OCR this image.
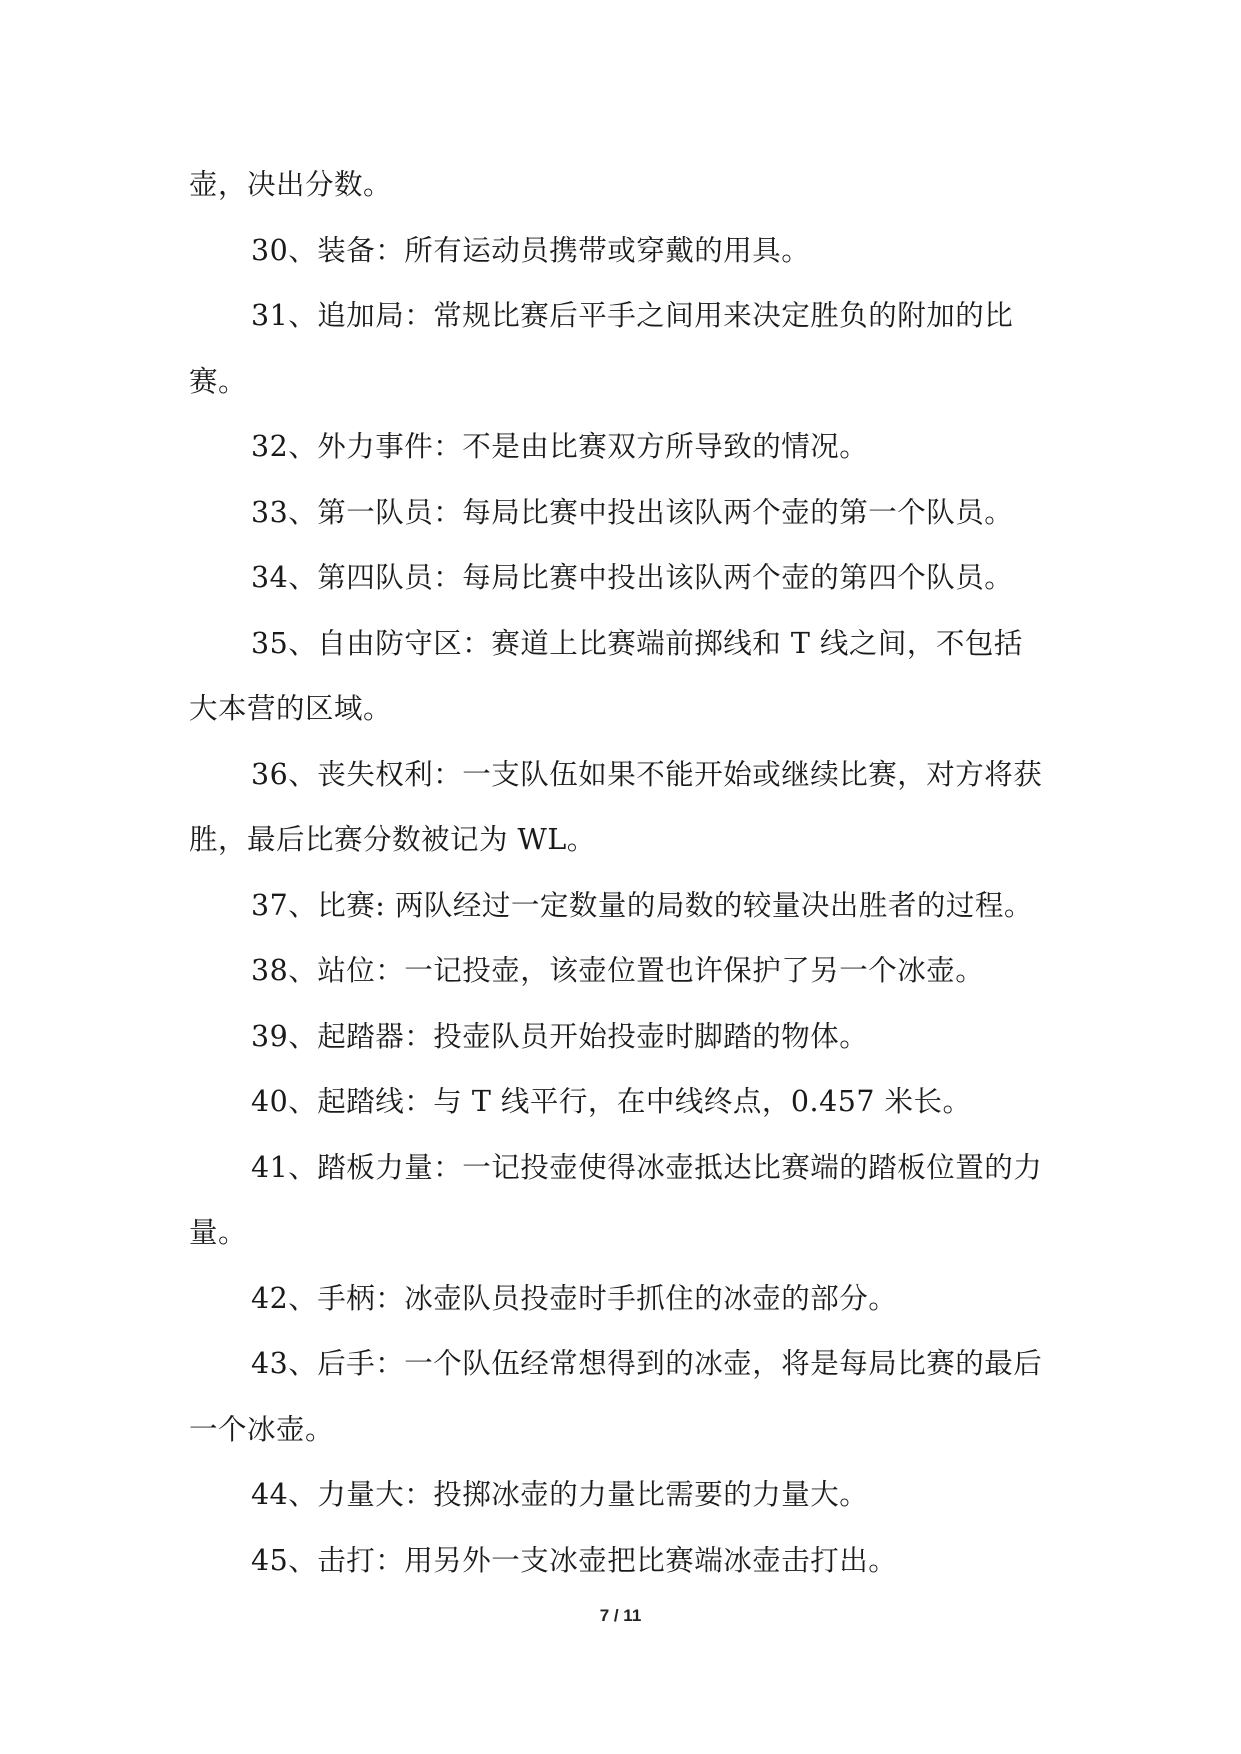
壶，决出分数。

30、装备：所有运动员携带或穿戴的用具。

31、追加局：常规比赛后平手之间用来决定胜负的附加的比赛。

32、外力事件：不是由比赛双方所导致的情况。

33、第一队员：每局比赛中投出该队两个壶的第一个队员。

34、第四队员：每局比赛中投出该队两个壶的第四个队员。

35、自由防守区：赛道上比赛端前掷线和 T 线之间，不包括大本营的区域。

36、丧失权利：一支队伍如果不能开始或继续比赛，对方将获胜，最后比赛分数被记为 WL。

37、比赛: 两队经过一定数量的局数的较量决出胜者的过程。

38、站位：一记投壶，该壶位置也许保护了另一个冰壶。

39、起踏器：投壶队员开始投壶时脚踏的物体。

40、起踏线：与 T 线平行，在中线终点，0.457 米长。

41、踏板力量：一记投壶使得冰壶抵达比赛端的踏板位置的力量。

42、手柄：冰壶队员投壶时手抓住的冰壶的部分。

43、后手：一个队伍经常想得到的冰壶，将是每局比赛的最后一个冰壶。

44、力量大：投掷冰壶的力量比需要的力量大。

45、击打：用另外一支冰壶把比赛端冰壶击打出。

7 / 11
